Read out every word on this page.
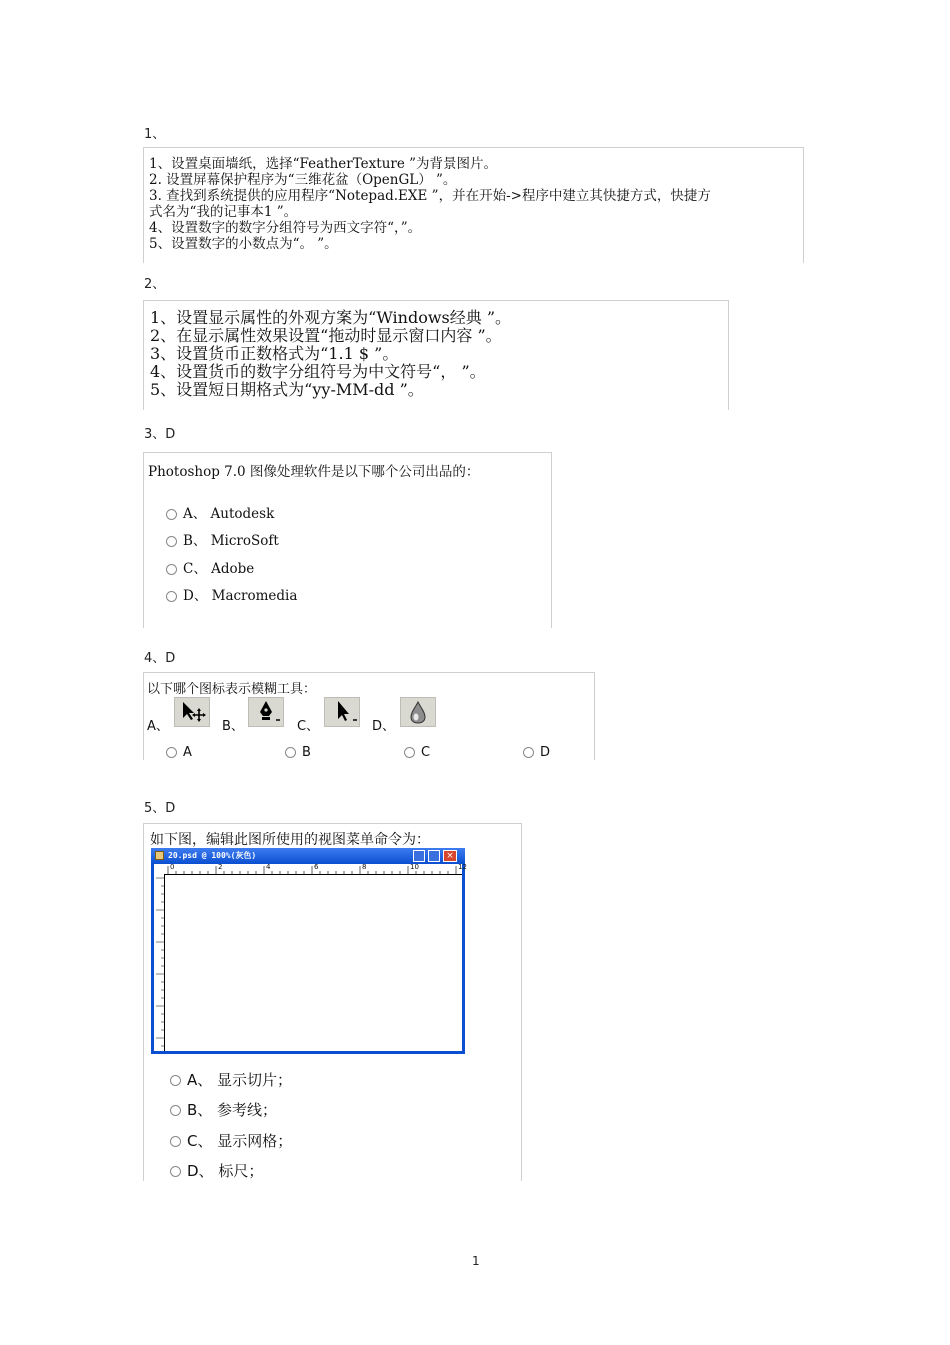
1、
1、设置桌面墙纸，选择“FeatherTexture ”为背景图片。
2. 设置屏幕保护程序为“三维花盆（OpenGL） ”。
3. 查找到系统提供的应用程序“Notepad.EXE ”，并在开始->程序中建立其快捷方式，快捷方
式名为“我的记事本1 ”。
4、设置数字的数字分组符号为西文字符“，”。
5、设置数字的小数点为“。 ”。
2、
1、设置显示属性的外观方案为“Windows经典 ”。
2、在显示属性效果设置“拖动时显示窗口内容 ”。
3、设置货币正数格式为“1.1 $ ”。
4、设置货币的数字分组符号为中文符号“， ”。
5、设置短日期格式为“yy-MM-dd ”。
3、D
Photoshop 7.0 图像处理软件是以下哪个公司出品的：
A、 Autodesk
B、 MicroSoft
C、 Adobe
D、 Macromedia
4、D
以下哪个图标表示模糊工具：
A、	B、	C、	D、
A	B	C	D
5、D
如下图，编辑此图所使用的视图菜单命令为：
20.psd @ 100%(灰色)	×
0	2	4	6	8	10	12
A、 显示切片；
B、 参考线；
C、 显示网格；
D、 标尺；
1
